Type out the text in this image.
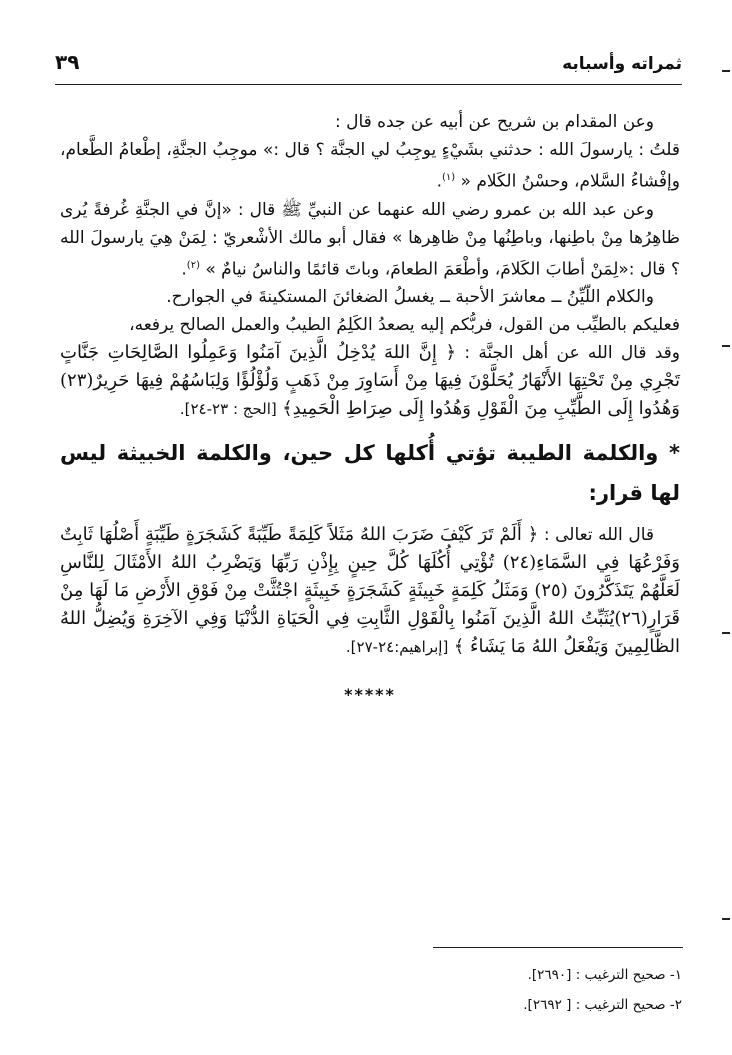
ثمراته وأسبابه
٣٩

وعن المقدام بن شريح عن أبيه عن جده قال :

قلتُ : يارسولَ الله : حدثني بشَيْءٍ يوجِبُ لي الجنَّة ؟ قال :» موجِبُ الجنَّةِ، إطْعامُ الطَّعام، وإفْشاءُ السَّلام، وحسْنُ الكَلام « $^{(١)}$.

وعن عبد الله بن عمرو رضي الله عنهما عن النبيِّ ﷺ قال : «إنَّ في الجنَّةِ غُرفةً يُرى ظاهِرُها مِنْ باطِنها، وباطِنُها مِنْ ظاهِرها » فقال أبو مالك الأشْعريّ : لِمَنْ هِيَ يارسولَ الله ؟ قال :«لِمَنْ أطابَ الكَلامَ، وأطْعَمَ الطعامَ، وباتَ قائمًا والناسُ نيامٌ » $^{(٢)}$.

والكلام اللّيِّنُ ــ معاشرَ الأحبة ــ يغسلُ الضغائنَ المستكينةَ في الجوارح.

فعليكم بالطيِّب من القول، فربُّكم إليه يصعدُ الكَلِمُ الطيبُ والعمل الصالح يرفعه،

وقد قال الله عن أهل الجنَّة : ﴿ إِنَّ اللهَ يُدْخِلُ الَّذِينَ آمَنُوا وَعَمِلُوا الصَّالِحَاتِ جَنَّاتٍ تَجْرِي مِنْ تَحْتِهَا الأَنْهَارُ يُحَلَّوْنَ فِيهَا مِنْ أَسَاوِرَ مِنْ ذَهَبٍ وَلُؤْلُؤًا وَلِبَاسُهُمْ فِيهَا حَرِيرٌ(٢٣) وَهُدُوا إِلَى الطَّيِّبِ مِنَ الْقَوْلِ وَهُدُوا إِلَى صِرَاطِ الْحَمِيدِ﴾ [الحج : ٢٣-٢٤].

* والكلمة الطيبة تؤتي أُكلها كل حين، والكلمة الخبيثة ليس لها قرار:

قال الله تعالى : ﴿ أَلَمْ تَرَ كَيْفَ ضَرَبَ اللهُ مَثَلاً كَلِمَةً طَيِّبَةً كَشَجَرَةٍ طَيِّبَةٍ أَصْلُهَا ثَابِتٌ وَفَرْعُهَا فِي السَّمَاءِ(٢٤) تُؤْتِي أُكُلَهَا كُلَّ حِينٍ بِإِذْنِ رَبِّهَا وَيَضْرِبُ اللهُ الأَمْثَالَ لِلنَّاسِ لَعَلَّهُمْ يَتَذَكَّرُونَ (٢٥) وَمَثَلُ كَلِمَةٍ خَبِيثَةٍ كَشَجَرَةٍ خَبِيثَةٍ اجْتُثَّتْ مِنْ فَوْقِ الأَرْضِ مَا لَهَا مِنْ قَرَارٍ(٢٦)يُثَبِّتُ اللهُ الَّذِينَ آمَنُوا بِالْقَوْلِ الثَّابِتِ فِي الْحَيَاةِ الدُّنْيَا وَفِي الآخِرَةِ وَيُضِلُّ اللهُ الظَّالِمِينَ وَيَفْعَلُ اللهُ مَا يَشَاءُ ﴾ [إبراهيم:٢٤-٢٧].

*****

١- صحيح الترغيب : [٢٦٩٠].

٢- صحيح الترغيب : [ ٢٦٩٢].
